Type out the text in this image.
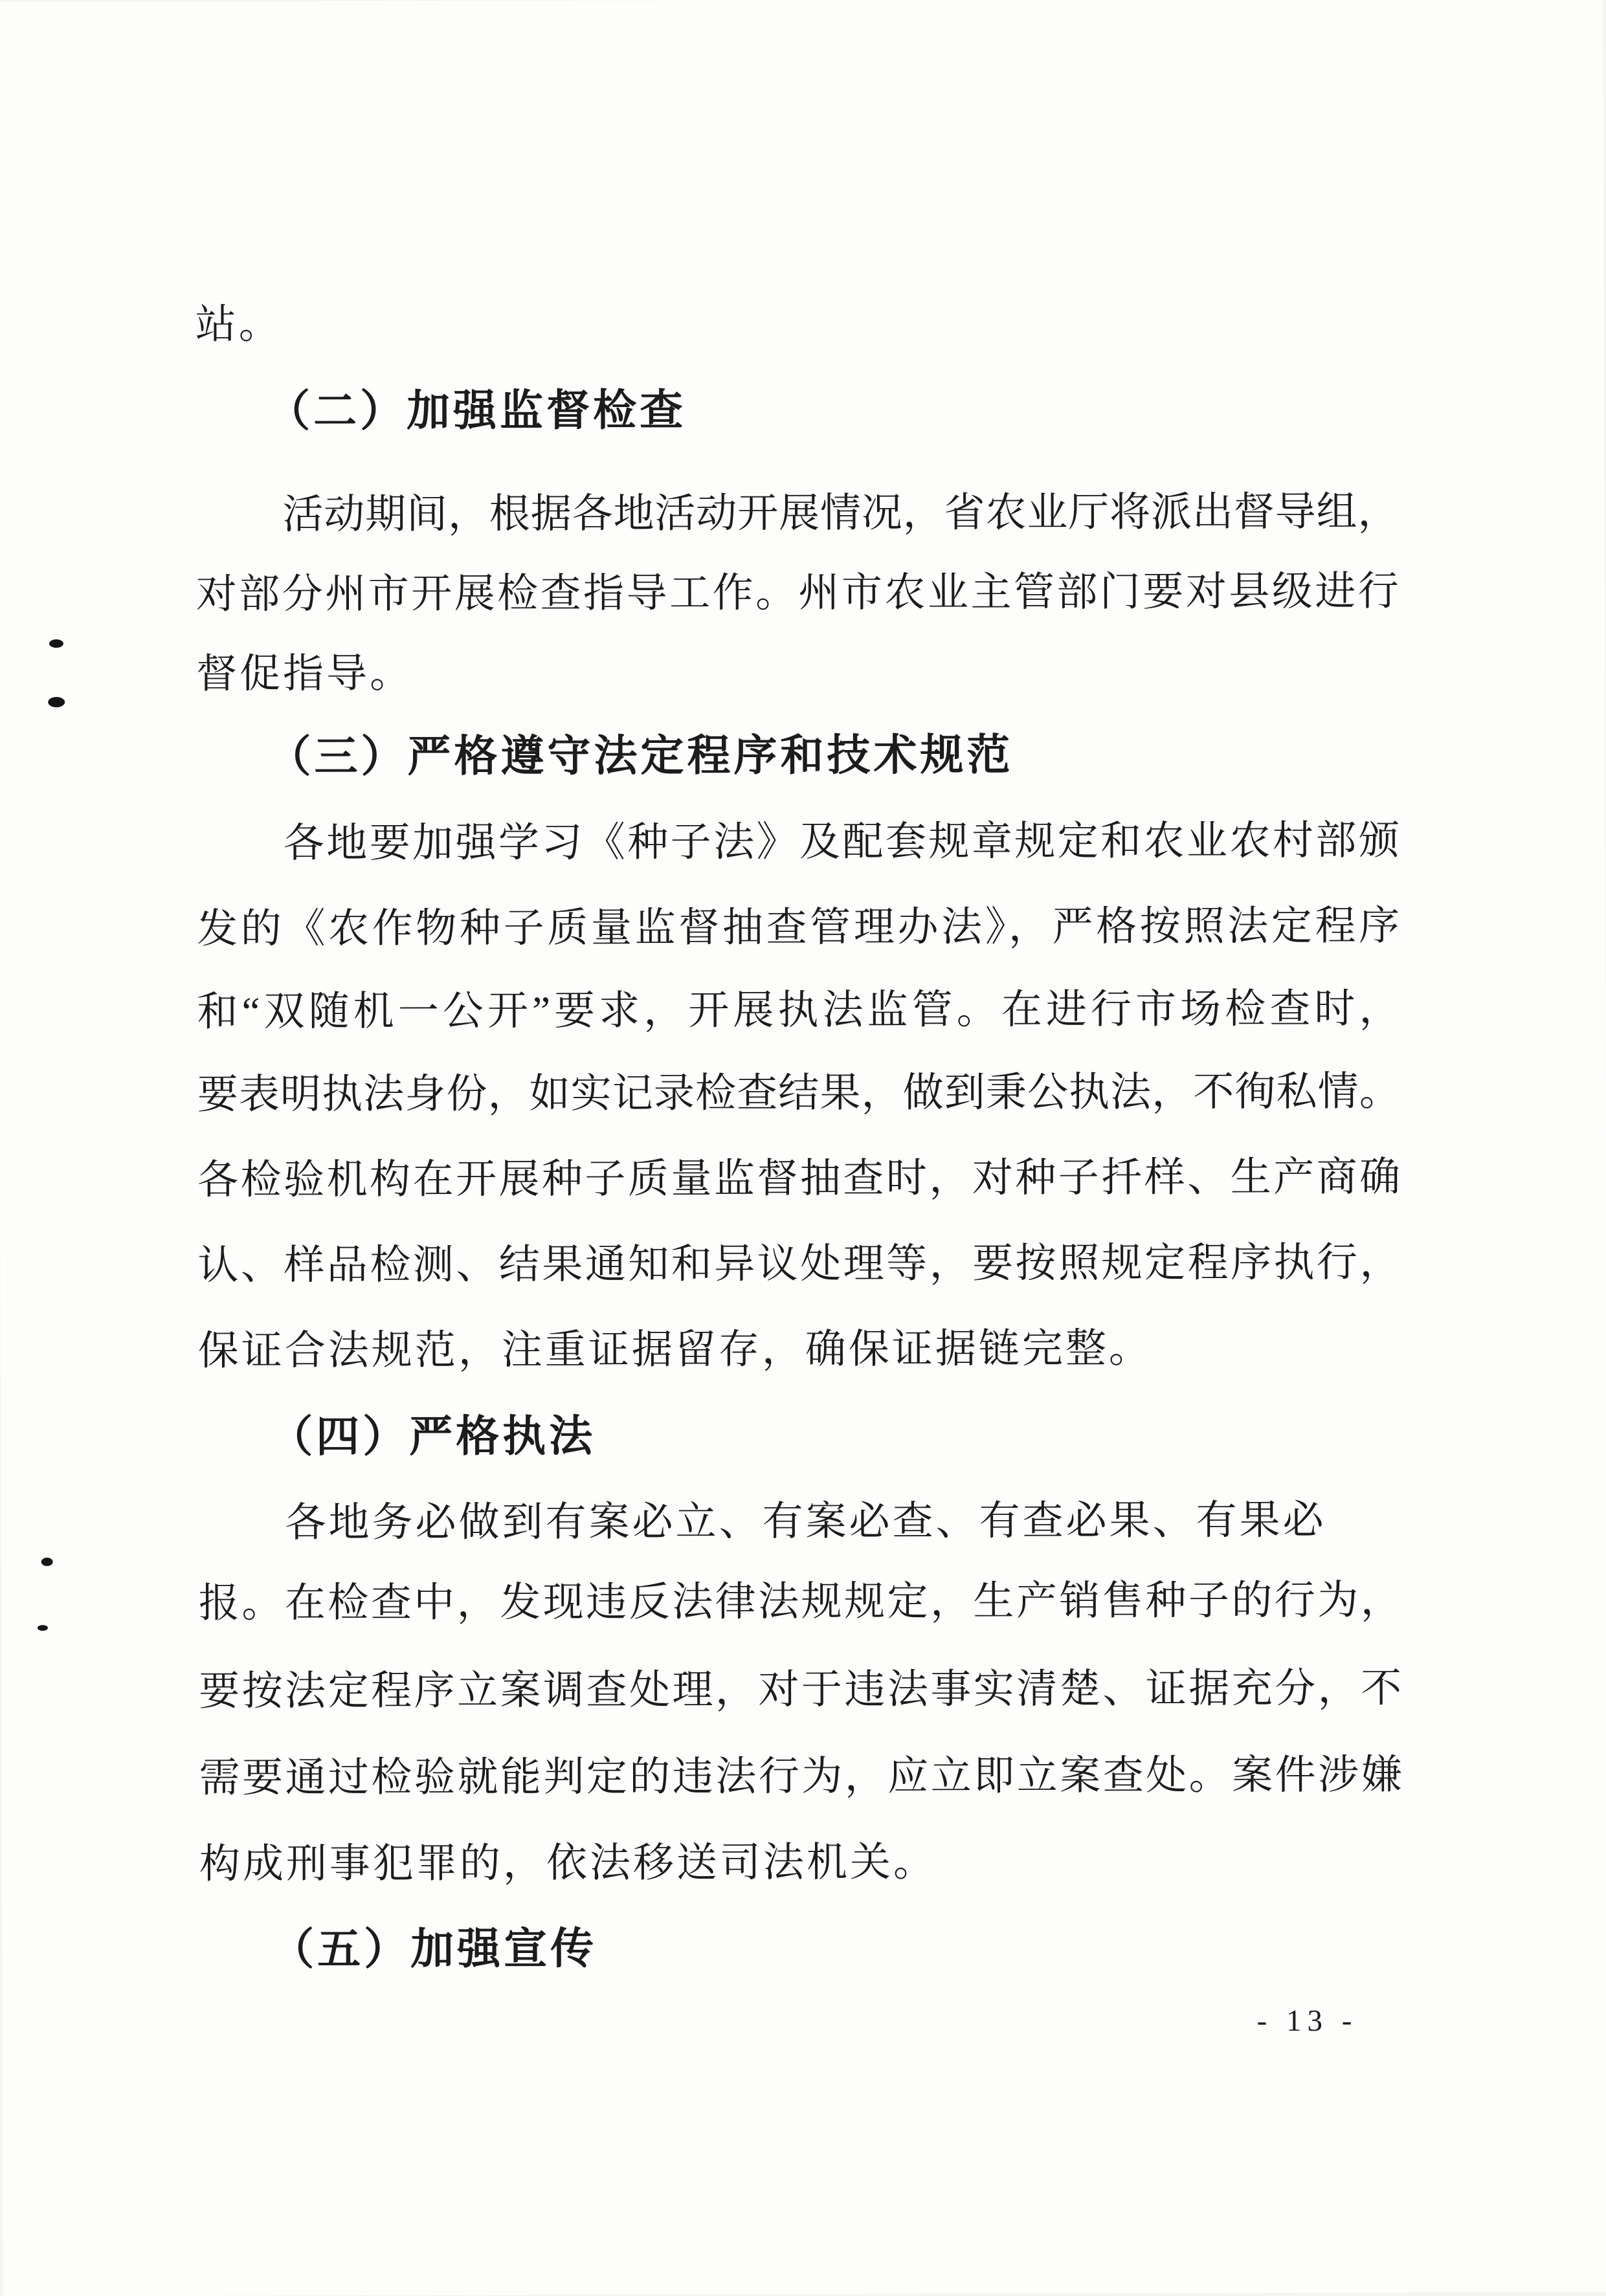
站。
（二）加强监督检查
活动期间，根据各地活动开展情况，省农业厅将派出督导组，
对部分州市开展检查指导工作。州市农业主管部门要对县级进行
督促指导。
（三）严格遵守法定程序和技术规范
各地要加强学习《种子法》及配套规章规定和农业农村部颁
发的《农作物种子质量监督抽查管理办法》，严格按照法定程序
和“双随机一公开”要求，开展执法监管。在进行市场检查时，
要表明执法身份，如实记录检查结果，做到秉公执法，不徇私情。
各检验机构在开展种子质量监督抽查时，对种子扦样、生产商确
认、样品检测、结果通知和异议处理等，要按照规定程序执行，
保证合法规范，注重证据留存，确保证据链完整。
（四）严格执法
各地务必做到有案必立、有案必查、有查必果、有果必
报。在检查中，发现违反法律法规规定，生产销售种子的行为，
要按法定程序立案调查处理，对于违法事实清楚、证据充分，不
需要通过检验就能判定的违法行为，应立即立案查处。案件涉嫌
构成刑事犯罪的，依法移送司法机关。
（五）加强宣传
- 13 -
